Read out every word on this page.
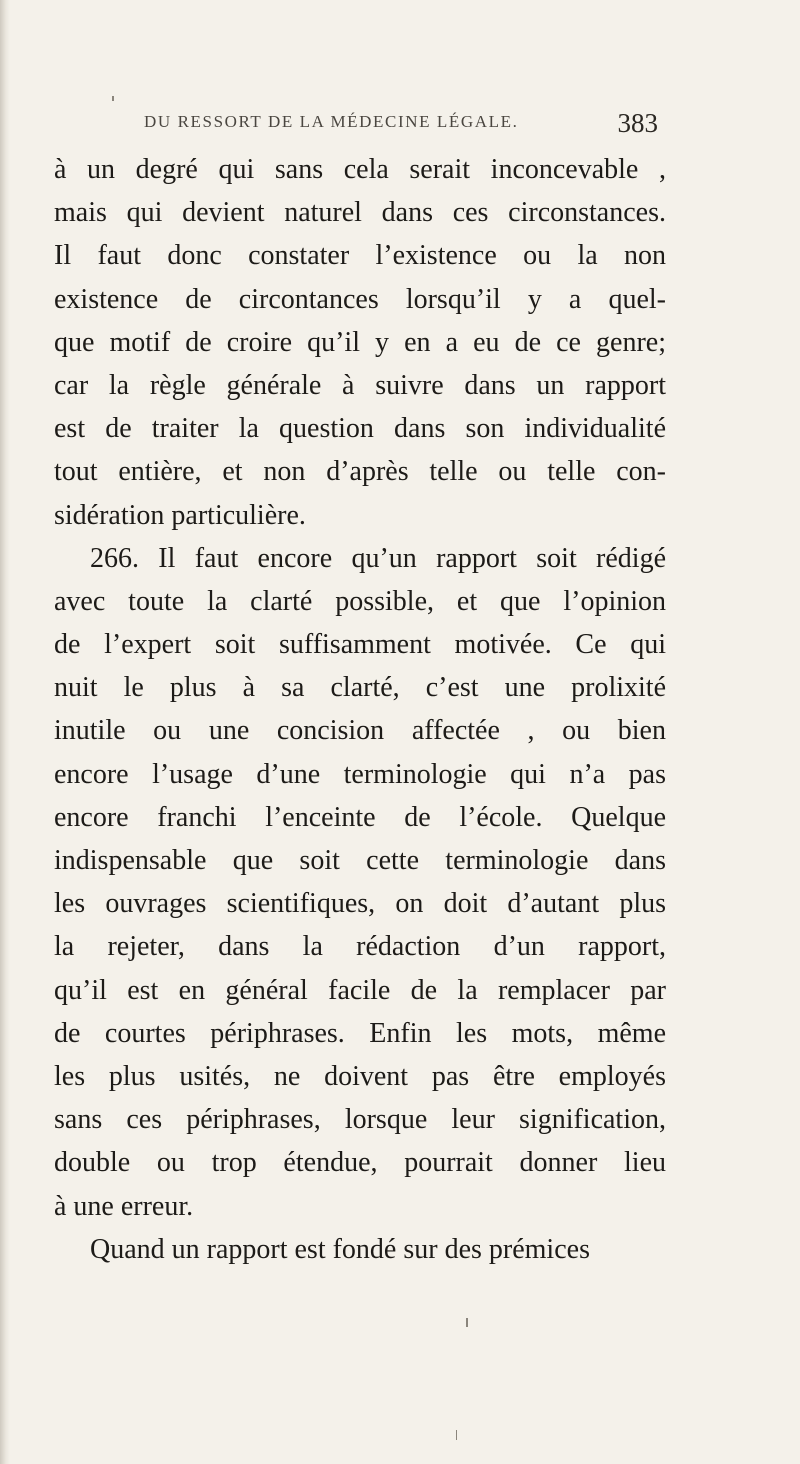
DU RESSORT DE LA MÉDECINE LÉGALE.	383
à un degré qui sans cela serait inconcevable ,
mais qui devient naturel dans ces circonstances.
Il faut donc constater l’existence ou la non
existence de circontances lorsqu’il y a quel-
que motif de croire qu’il y en a eu de ce genre;
car la règle générale à suivre dans un rapport
est de traiter la question dans son individualité
tout entière, et non d’après telle ou telle con-
sidération particulière.
266. Il faut encore qu’un rapport soit rédigé
avec toute la clarté possible, et que l’opinion
de l’expert soit suffisamment motivée. Ce qui
nuit le plus à sa clarté, c’est une prolixité
inutile ou une concision affectée , ou bien
encore l’usage d’une terminologie qui n’a pas
encore franchi l’enceinte de l’école. Quelque
indispensable que soit cette terminologie dans
les ouvrages scientifiques, on doit d’autant plus
la rejeter, dans la rédaction d’un rapport,
qu’il est en général facile de la remplacer par
de courtes périphrases. Enfin les mots, même
les plus usités, ne doivent pas être employés
sans ces périphrases, lorsque leur signification,
double ou trop étendue, pourrait donner lieu
à une erreur.
Quand un rapport est fondé sur des prémices
